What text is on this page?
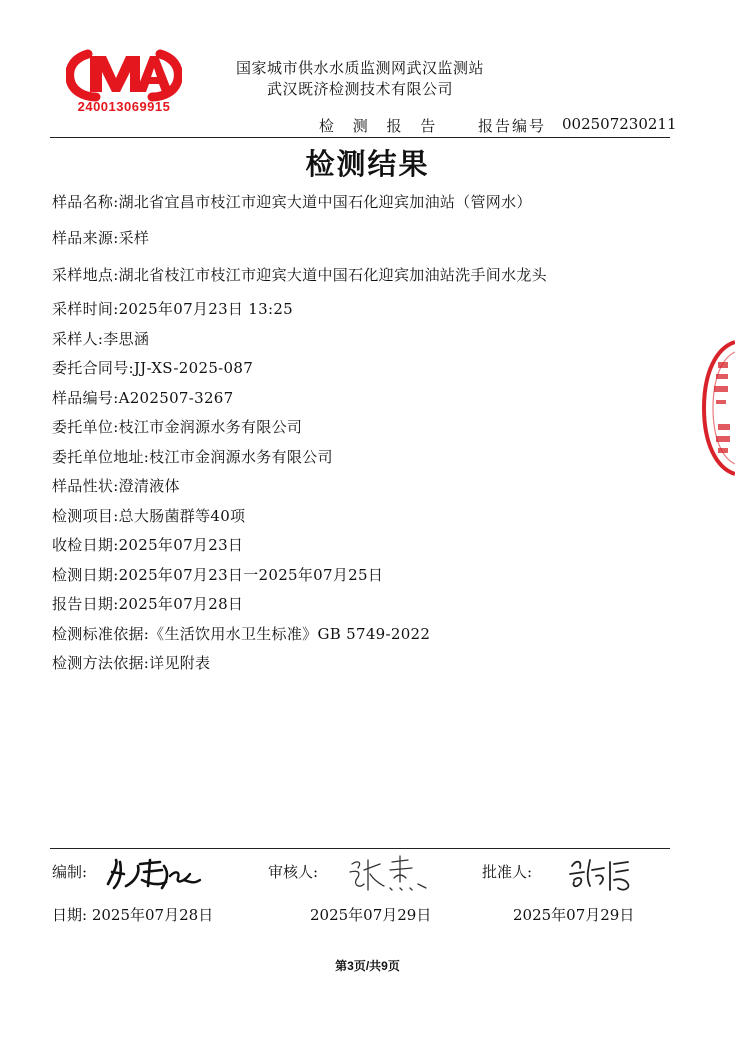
240013069915
国家城市供水水质监测网武汉监测站
武汉既济检测技术有限公司
检 测 报 告 报告编号 002507230211
检测结果
样品名称:湖北省宜昌市枝江市迎宾大道中国石化迎宾加油站（管网水）
样品来源:采样
采样地点:湖北省枝江市枝江市迎宾大道中国石化迎宾加油站洗手间水龙头
采样时间:2025年07月23日 13:25
采样人:李思涵
委托合同号:JJ-XS-2025-087
样品编号:A202507-3267
委托单位:枝江市金润源水务有限公司
委托单位地址:枝江市金润源水务有限公司
样品性状:澄清液体
检测项目:总大肠菌群等40项
收检日期:2025年07月23日
检测日期:2025年07月23日一2025年07月25日
报告日期:2025年07月28日
检测标准依据:《生活饮用水卫生标准》GB 5749-2022
检测方法依据:详见附表
编制:	审核人:	批准人:
日期: 2025年07月28日	2025年07月29日	2025年07月29日
第3页/共9页
